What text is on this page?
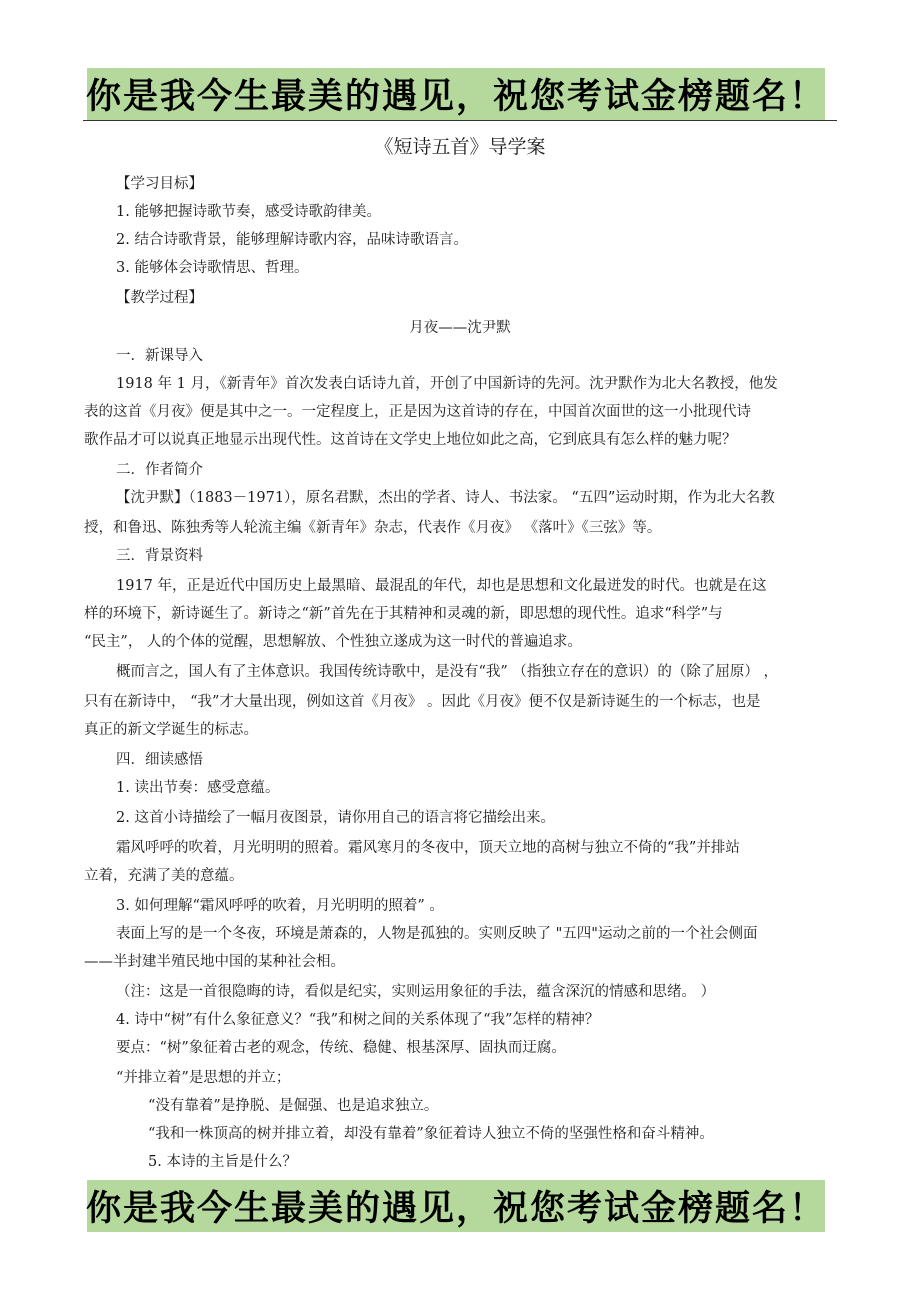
你是我今生最美的遇见，祝您考试金榜题名！
《短诗五首》导学案
【学习目标】
1. 能够把握诗歌节奏，感受诗歌韵律美。
2. 结合诗歌背景，能够理解诗歌内容，品味诗歌语言。
3. 能够体会诗歌情思、哲理。
【教学过程】
月夜——沈尹默
一．新课导入
1918 年 1 月，《新青年》首次发表白话诗九首，开创了中国新诗的先河。沈尹默作为北大名教授，他发
表的这首《月夜》便是其中之一。一定程度上，正是因为这首诗的存在，中国首次面世的这一小批现代诗
歌作品才可以说真正地显示出现代性。这首诗在文学史上地位如此之高，它到底具有怎么样的魅力呢？
二．作者简介
【沈尹默】（1883－1971），原名君默，杰出的学者、诗人、书法家。 “五四”运动时期，作为北大名教
授，和鲁迅、陈独秀等人轮流主编《新青年》杂志，代表作《月夜》 《落叶》《三弦》等。
三．背景资料
1917 年，正是近代中国历史上最黑暗、最混乱的年代，却也是思想和文化最迸发的时代。也就是在这
样的环境下，新诗诞生了。新诗之“新”首先在于其精神和灵魂的新，即思想的现代性。追求“科学”与
“民主”， 人的个体的觉醒，思想解放、个性独立遂成为这一时代的普遍追求。
概而言之，国人有了主体意识。我国传统诗歌中，是没有“我” （指独立存在的意识）的（除了屈原） ，
只有在新诗中， “我”才大量出现，例如这首《月夜》 。因此《月夜》便不仅是新诗诞生的一个标志，也是
真正的新文学诞生的标志。
四．细读感悟
1. 读出节奏：感受意蕴。
2. 这首小诗描绘了一幅月夜图景，请你用自己的语言将它描绘出来。
霜风呼呼的吹着，月光明明的照着。霜风寒月的冬夜中，顶天立地的高树与独立不倚的“我”并排站
立着，充满了美的意蕴。
3. 如何理解“霜风呼呼的吹着，月光明明的照着” 。
表面上写的是一个冬夜，环境是萧森的，人物是孤独的。实则反映了 "五四"运动之前的一个社会侧面
——半封建半殖民地中国的某种社会相。
（注：这是一首很隐晦的诗，看似是纪实，实则运用象征的手法，蕴含深沉的情感和思绪。 ）
4. 诗中“树”有什么象征意义？“我”和树之间的关系体现了“我”怎样的精神？
要点：“树”象征着古老的观念，传统、稳健、根基深厚、固执而迂腐。
“并排立着”是思想的并立；
“没有靠着”是挣脱、是倔强、也是追求独立。
“我和一株顶高的树并排立着，却没有靠着”象征着诗人独立不倚的坚强性格和奋斗精神。
5. 本诗的主旨是什么？
你是我今生最美的遇见，祝您考试金榜题名！
